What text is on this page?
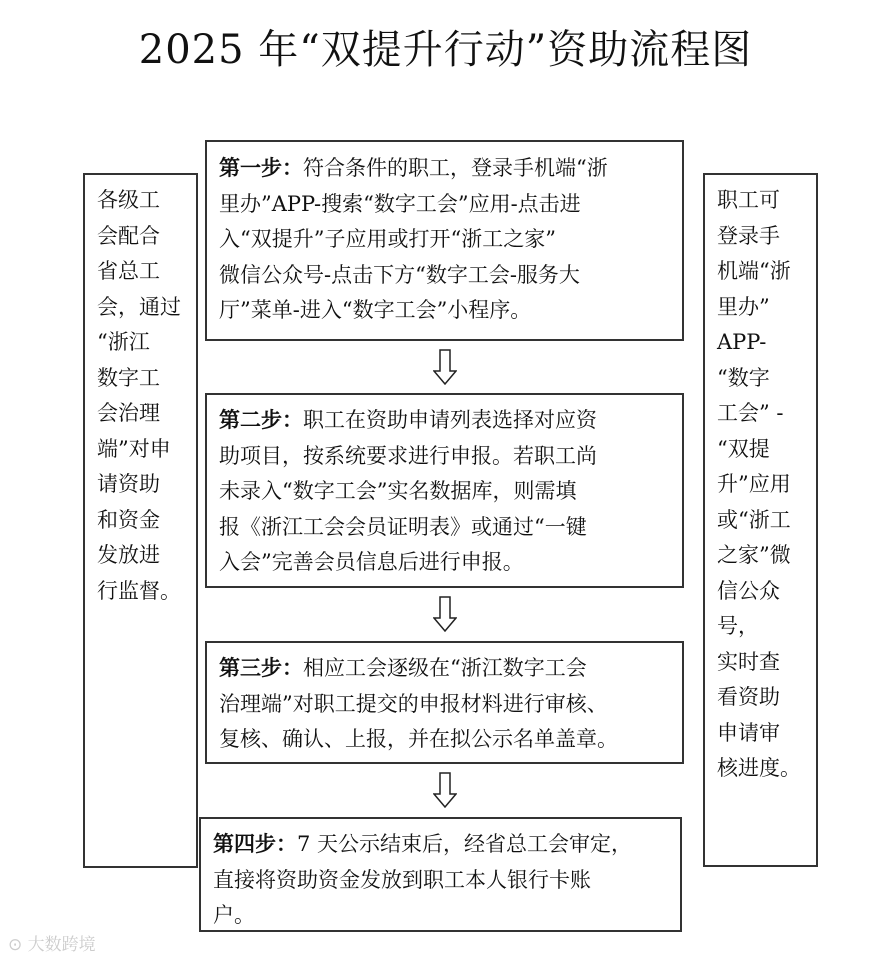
2025 年“双提升行动”资助流程图
各级工
会配合
省总工
会，通过
“浙江
数字工
会治理
端”对申
请资助
和资金
发放进
行监督。
职工可
登录手
机端“浙
里办”
APP-
“数字
工会” -
“双提
升”应用
或“浙工
之家”微
信公众
号，
实时查
看资助
申请审
核进度。
第一步：符合条件的职工，登录手机端“浙
里办”APP-搜索“数字工会”应用-点击进
入“双提升”子应用或打开“浙工之家”
微信公众号-点击下方“数字工会-服务大
厅”菜单-进入“数字工会”小程序。
第二步：职工在资助申请列表选择对应资
助项目，按系统要求进行申报。若职工尚
未录入“数字工会”实名数据库，则需填
报《浙江工会会员证明表》或通过“一键
入会”完善会员信息后进行申报。
第三步：相应工会逐级在“浙江数字工会
治理端”对职工提交的申报材料进行审核、
复核、确认、上报，并在拟公示名单盖章。
第四步：7 天公示结束后，经省总工会审定，
直接将资助资金发放到职工本人银行卡账
户。
⊙ 大数跨境
